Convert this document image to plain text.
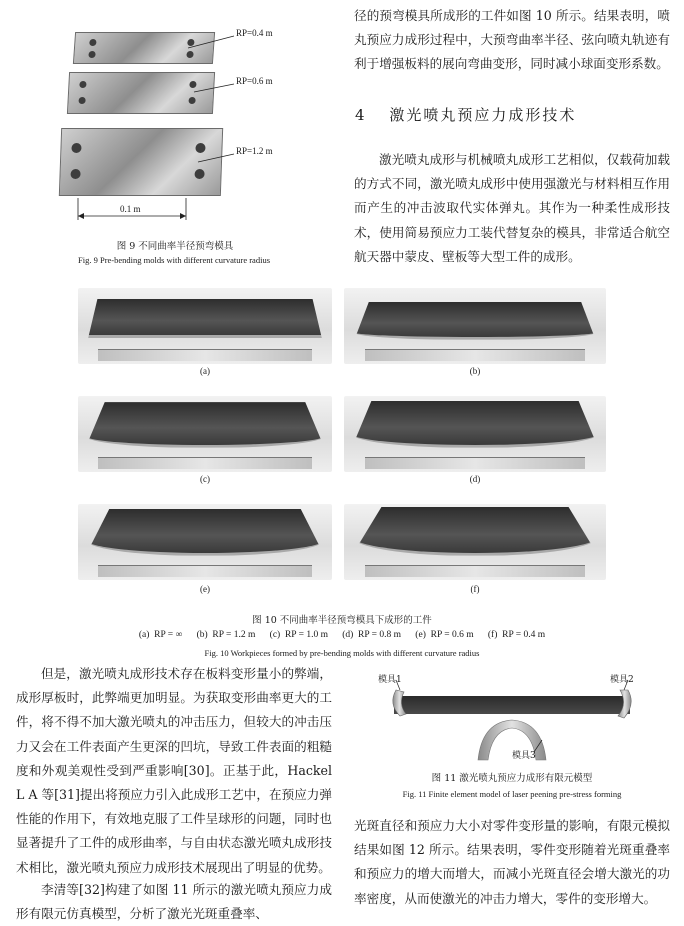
RP=0.4 m
RP=0.6 m
RP=1.2 m
0.1 m
图 9 不同曲率半径预弯模具
Fig. 9 Pre-bending molds with different curvature radius

径的预弯模具所成形的工件如图 10 所示。结果表明，喷丸预应力成形过程中，大预弯曲率半径、弦向喷丸轨迹有利于增强板料的展向弯曲变形，同时减小球面变形系数。

4 激光喷丸预应力成形技术

激光喷丸成形与机械喷丸成形工艺相似，仅载荷加载的方式不同，激光喷丸成形中使用强激光与材料相互作用而产生的冲击波取代实体弹丸。其作为一种柔性成形技术，使用简易预应力工装代替复杂的模具，非常适合航空航天器中蒙皮、壁板等大型工件的成形。

(a)	(b)
(c)	(d)
(e)	(f)
图 10 不同曲率半径预弯模具下成形的工件
(a)  RP = ∞      (b)  RP = 1.2 m      (c)  RP = 1.0 m      (d)  RP = 0.8 m      (e)  RP = 0.6 m      (f)  RP = 0.4 m
Fig. 10 Workpieces formed by pre-bending molds with different curvature radius

但是，激光喷丸成形技术存在板料变形量小的弊端，成形厚板时，此弊端更加明显。为获取变形曲率更大的工件，将不得不加大激光喷丸的冲击压力，但较大的冲击压力又会在工件表面产生更深的凹坑，导致工件表面的粗糙度和外观美观性受到严重影响[30]。正基于此，Hackel L A 等[31]提出将预应力引入此成形工艺中，在预应力弹性能的作用下，有效地克服了工件呈球形的问题，同时也显著提升了工件的成形曲率，与自由状态激光喷丸成形技术相比，激光喷丸预应力成形技术展现出了明显的优势。

李清等[32]构建了如图 11 所示的激光喷丸预应力成形有限元仿真模型，分析了激光光斑重叠率、

模具1	模具2
模具3
图 11 激光喷丸预应力成形有限元模型
Fig. 11 Finite element model of laser peening pre-stress forming

光斑直径和预应力大小对零件变形量的影响，有限元模拟结果如图 12 所示。结果表明，零件变形随着光斑重叠率和预应力的增大而增大，而减小光斑直径会增大激光的功率密度，从而使激光的冲击力增大，零件的变形增大。
